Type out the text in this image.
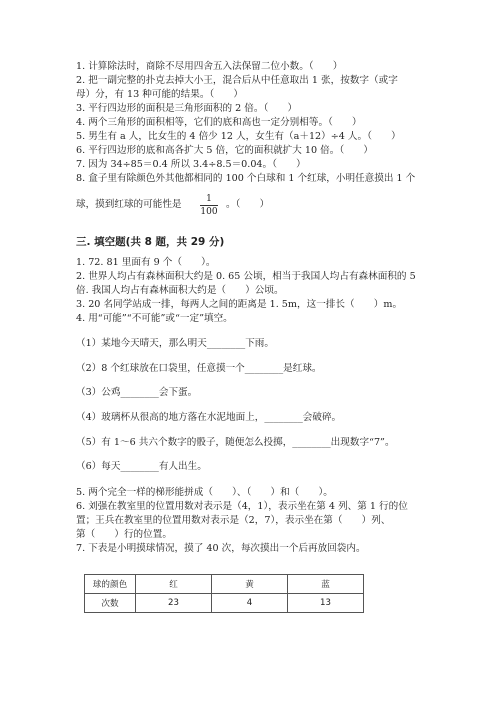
1. 计算除法时，商除不尽用四舍五入法保留二位小数。（　　）
2. 把一副完整的扑克去掉大小王，混合后从中任意取出 1 张，按数字（或字
母）分，有 13 种可能的结果。（　　）
3. 平行四边形的面积是三角形面积的 2 倍。（　　）
4. 两个三角形的面积相等，它们的底和高也一定分别相等。（　　）
5. 男生有 a 人，比女生的 4 倍少 12 人，女生有（a＋12）÷4 人。（　　）
6. 平行四边形的底和高各扩大 5 倍，它的面积就扩大 10 倍。（　　）
7. 因为 34÷85＝0.4 所以 3.4÷8.5＝0.04。（　　）
8. 盒子里有除颜色外其他都相同的 100 个白球和 1 个红球，小明任意摸出 1 个
球，摸到红球的可能性是 $\frac{1}{100}$ 。（　　）
三. 填空题(共 8 题，共 29 分)
1. 72. 81 里面有 9 个（　　）。
2. 世界人均占有森林面积大约是 0. 65 公顷，相当于我国人均占有森林面积的 5
倍. 我国人均占有森林面积大约是（　　）公顷。
3. 20 名同学站成一排，每两人之间的距离是 1. 5m，这一排长（　　）m。
4. 用“可能”“不可能”或“一定”填空。
（1）某地今天晴天，那么明天________下雨。
（2）8 个红球放在口袋里，任意摸一个________是红球。
（3）公鸡________会下蛋。
（4）玻璃杯从很高的地方落在水泥地面上，________会破碎。
（5）有 1～6 共六个数字的骰子，随便怎么投掷，________出现数字“7”。
（6）每天________有人出生。
5. 两个完全一样的梯形能拼成（　　）、（　　）和（　　）。
6. 刘强在教室里的位置用数对表示是（4，1），表示坐在第 4 列、第 1 行的位
置；王兵在教室里的位置用数对表示是（2，7），表示坐在第（　　）列、
第（　　）行的位置。
7. 下表是小明摸球情况，摸了 40 次，每次摸出一个后再放回袋内。
球的颜色	红	黄	蓝
次数	23	4	13
